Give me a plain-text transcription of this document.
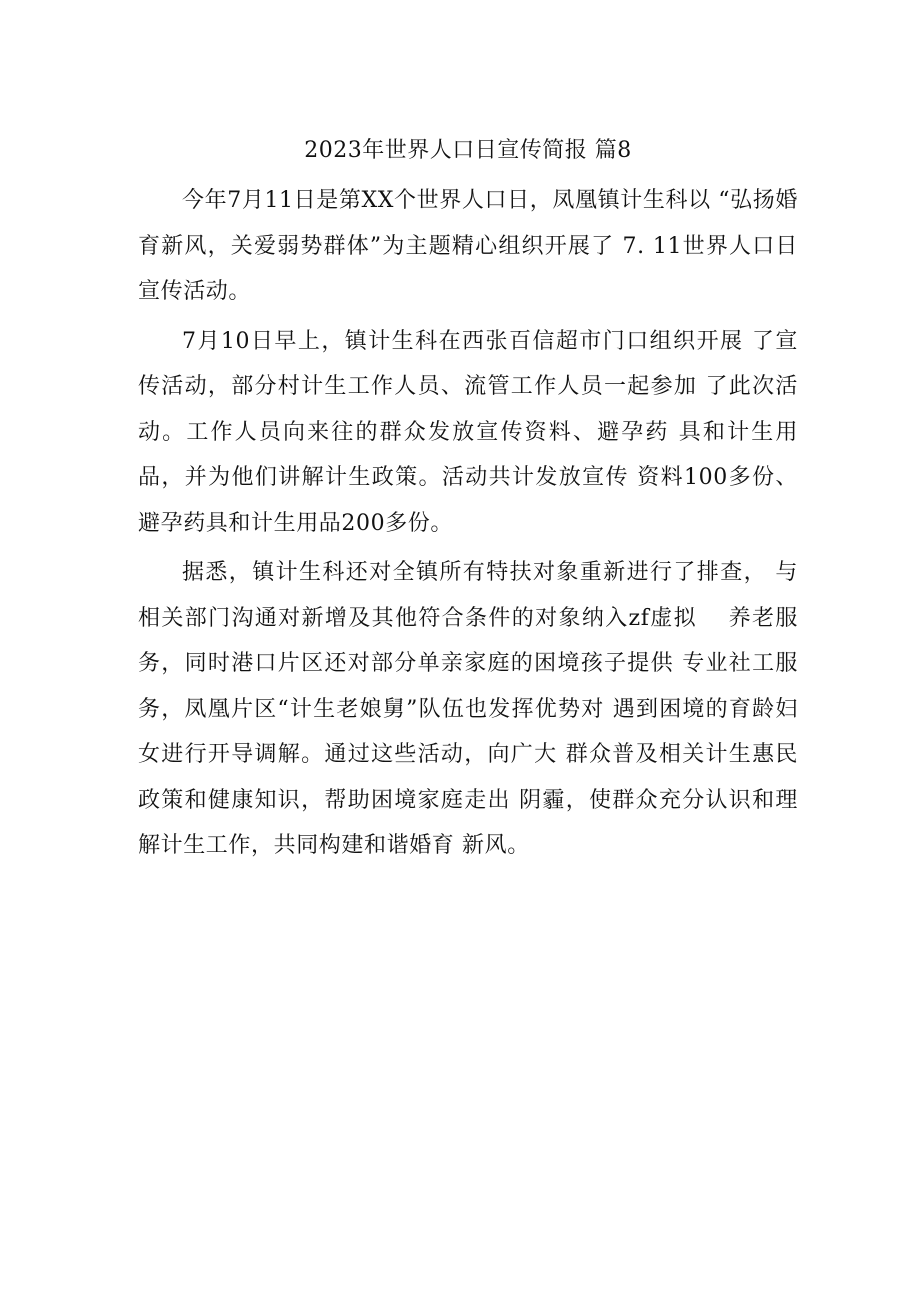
2023年世界人口日宣传简报 篇8

今年7月11日是第XX个世界人口日，凤凰镇计生科以 “弘扬婚育新风，关爱弱势群体”为主题精心组织开展了 7. 11世界人口日宣传活动。

7月10日早上，镇计生科在西张百信超市门口组织开展 了宣传活动，部分村计生工作人员、流管工作人员一起参加 了此次活动。工作人员向来往的群众发放宣传资料、避孕药 具和计生用品，并为他们讲解计生政策。活动共计发放宣传 资料100多份、避孕药具和计生用品200多份。

据悉，镇计生科还对全镇所有特扶对象重新进行了排查， 与相关部门沟通对新增及其他符合条件的对象纳入zf虚拟　 养老服务，同时港口片区还对部分单亲家庭的困境孩子提供 专业社工服务，凤凰片区“计生老娘舅”队伍也发挥优势对 遇到困境的育龄妇女进行开导调解。通过这些活动，向广大 群众普及相关计生惠民政策和健康知识，帮助困境家庭走出 阴霾，使群众充分认识和理解计生工作，共同构建和谐婚育 新风。
